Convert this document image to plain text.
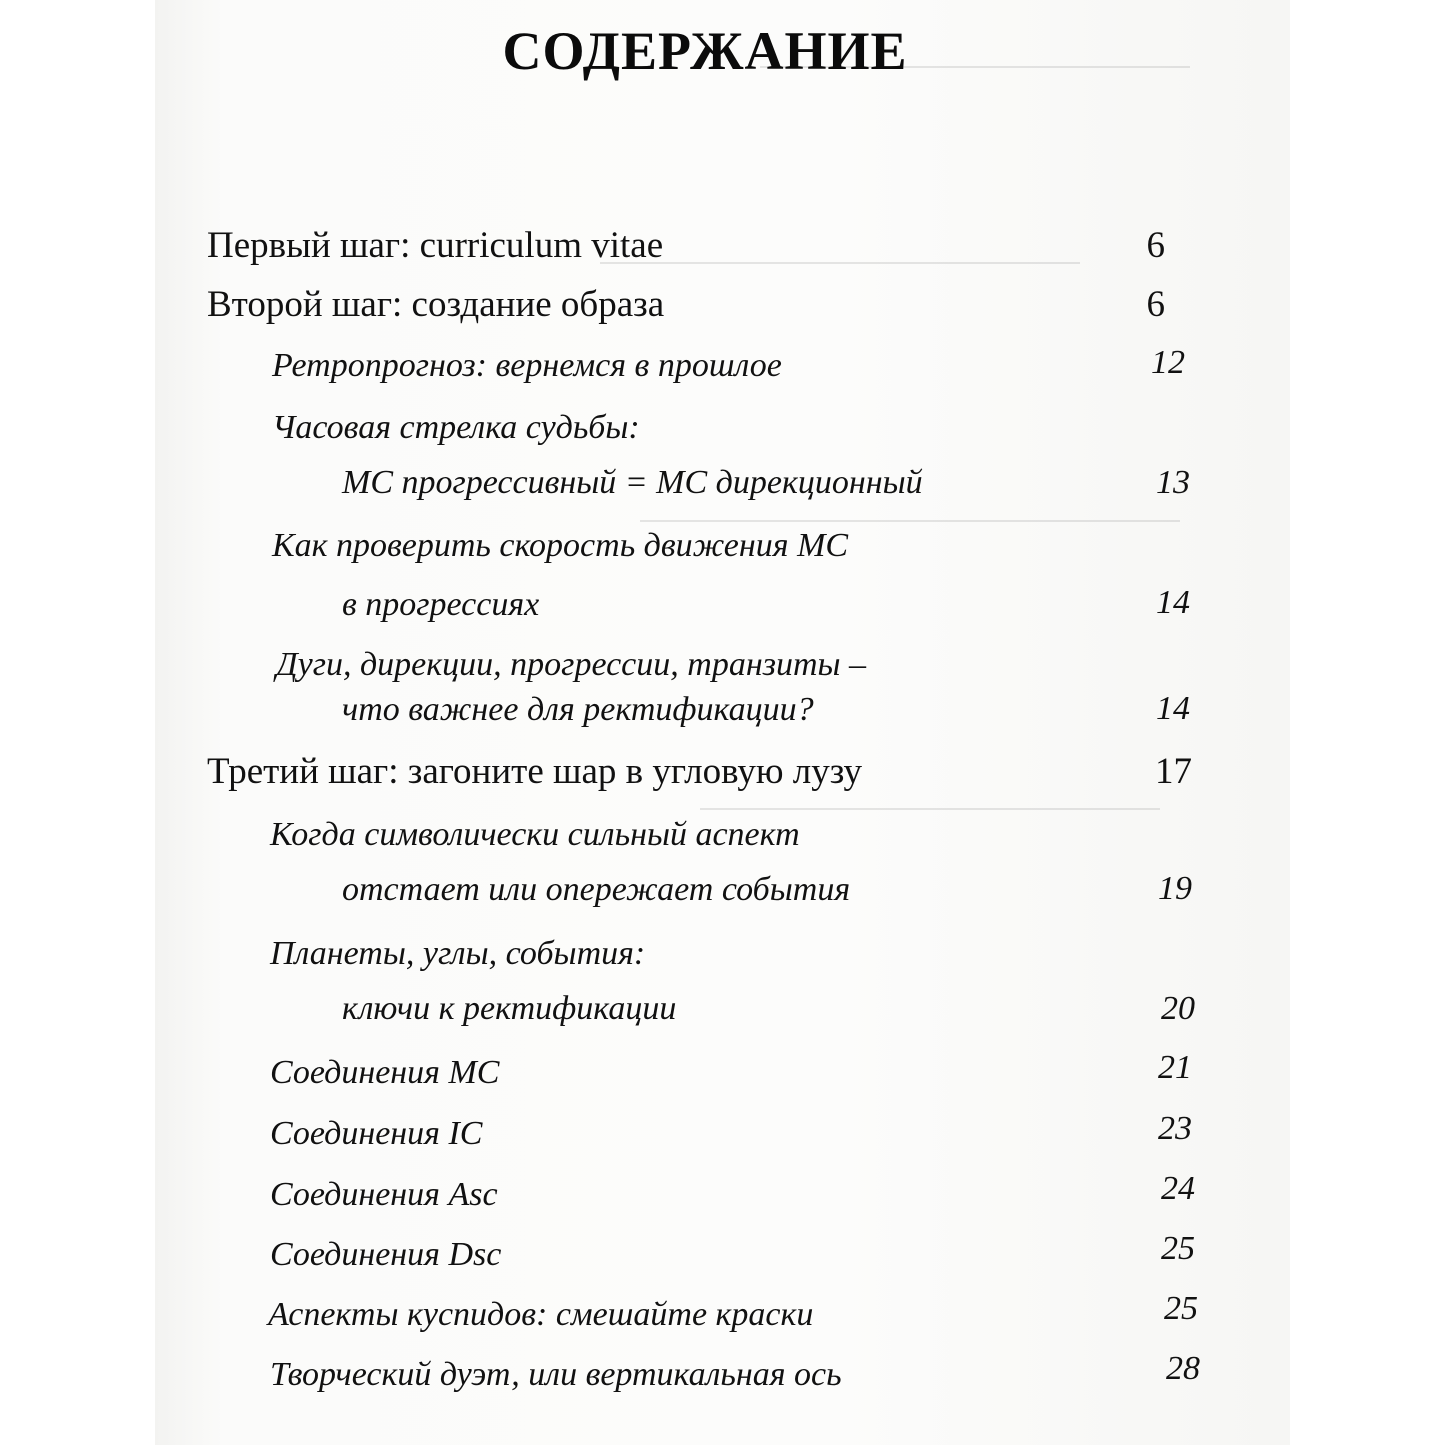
СОДЕРЖАНИЕ
Первый шаг: curriculum vitae	6
Второй шаг: создание образа	6
Ретропрогноз: вернемся в прошлое	12
Часовая стрелка судьбы:
МС прогрессивный = МС дирекционный	13
Как проверить скорость движения МС
в прогрессиях	14
Дуги, дирекции, прогрессии, транзиты –
что важнее для ректификации?	14
Третий шаг: загоните шар в угловую лузу	17
Когда символически сильный аспект
отстает или опережает события	19
Планеты, углы, события:
ключи к ректификации	20
Соединения МС	21
Соединения IC	23
Соединения Asc	24
Соединения Dsc	25
Аспекты куспидов: смешайте краски	25
Творческий дуэт, или вертикальная ось	28
